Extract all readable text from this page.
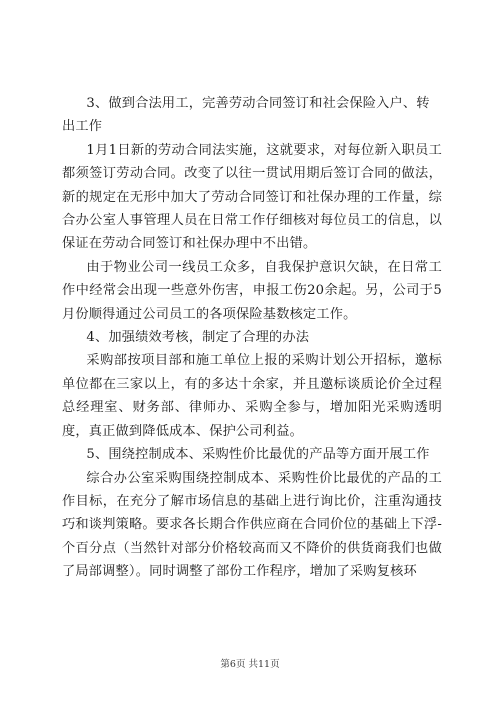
3、做到合法用工，完善劳动合同签订和社会保险入户、转出工作

1月1日新的劳动合同法实施，这就要求，对每位新入职员工都须签订劳动合同。改变了以往一贯试用期后签订合同的做法，新的规定在无形中加大了劳动合同签订和社保办理的工作量，综合办公室人事管理人员在日常工作仔细核对每位员工的信息，以保证在劳动合同签订和社保办理中不出错。

由于物业公司一线员工众多，自我保护意识欠缺，在日常工作中经常会出现一些意外伤害，申报工伤20余起。另，公司于5月份顺得通过公司员工的各项保险基数核定工作。

4、加强绩效考核，制定了合理的办法

采购部按项目部和施工单位上报的采购计划公开招标，邀标单位都在三家以上，有的多达十余家，并且邀标谈质论价全过程总经理室、财务部、律师办、采购全参与，增加阳光采购透明度，真正做到降低成本、保护公司利益。

5、围绕控制成本、采购性价比最优的产品等方面开展工作

综合办公室采购围绕控制成本、采购性价比最优的产品的工作目标，在充分了解市场信息的基础上进行询比价，注重沟通技巧和谈判策略。要求各长期合作供应商在合同价位的基础上下浮-个百分点（当然针对部分价格较高而又不降价的供货商我们也做了局部调整）。同时调整了部份工作程序，增加了采购复核环

第6页 共11页
